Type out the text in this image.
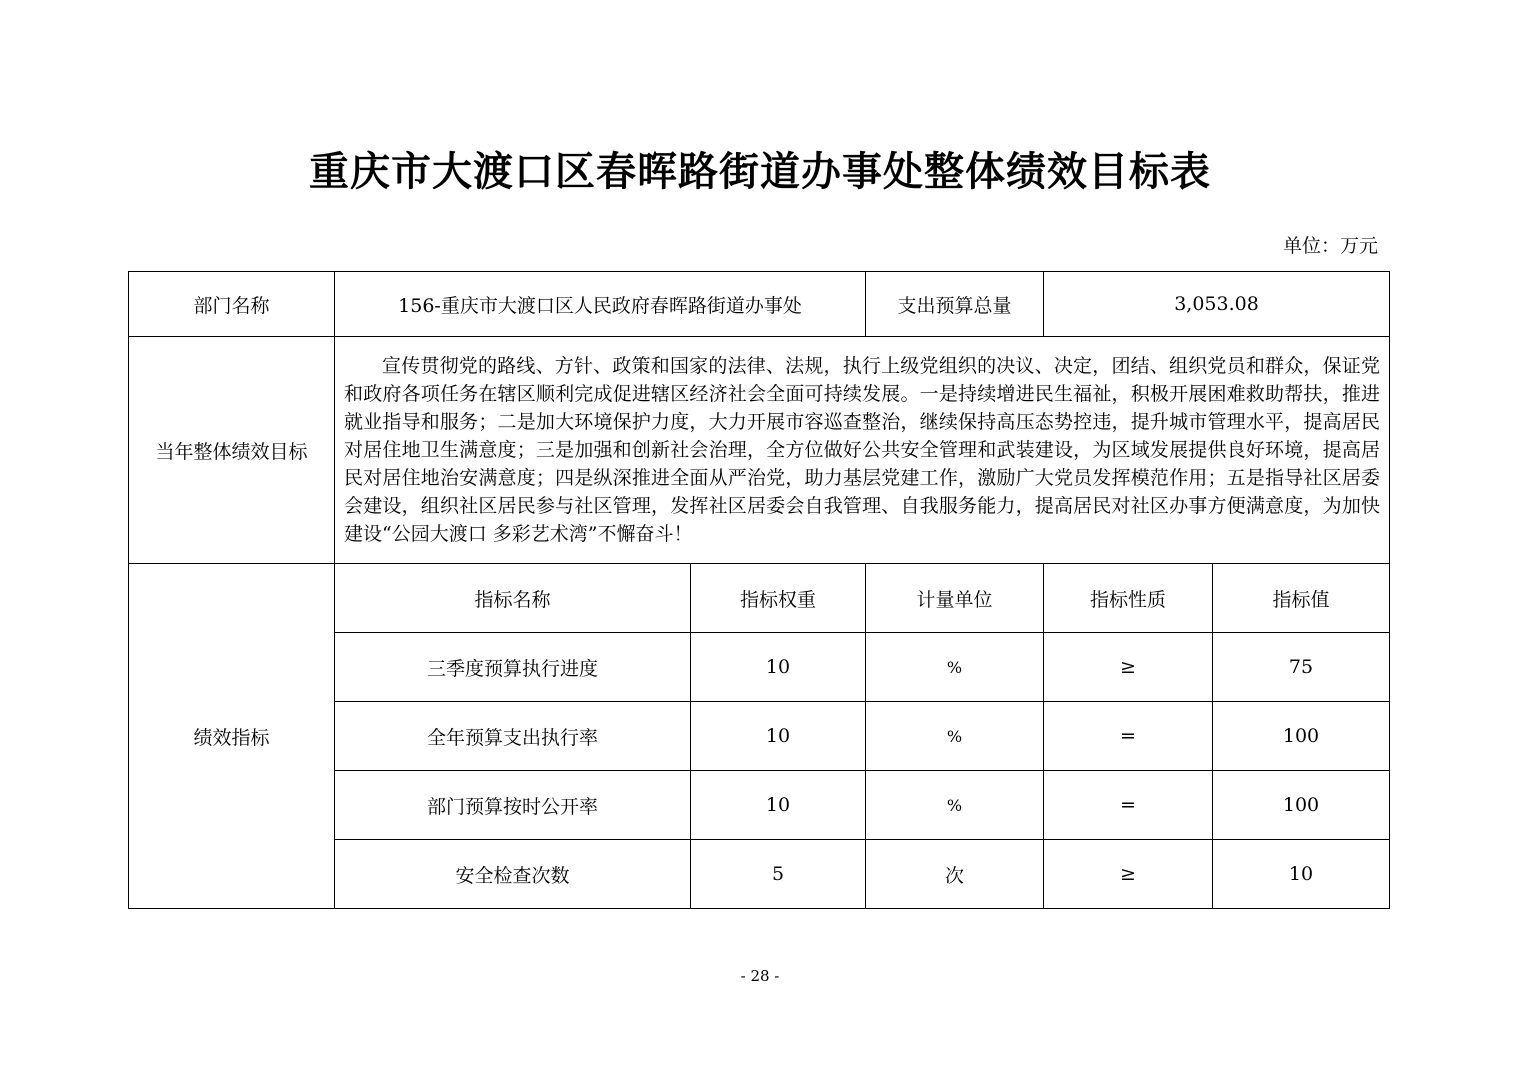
重庆市大渡口区春晖路街道办事处整体绩效目标表
单位：万元
部门名称	156-重庆市大渡口区人民政府春晖路街道办事处		支出预算总量	3,053.08	
当年整体绩效目标	宣传贯彻党的路线、方针、政策和国家的法律、法规，执行上级党组织的决议、决定，团结、组织党员和群众，保证党和政府各项任务在辖区顺利完成促进辖区经济社会全面可持续发展。一是持续增进民生福祉，积极开展困难救助帮扶，推进就业指导和服务；二是加大环境保护力度，大力开展市容巡查整治，继续保持高压态势控违，提升城市管理水平，提高居民对居住地卫生满意度；三是加强和创新社会治理，全方位做好公共安全管理和武装建设，为区域发展提供良好环境，提高居民对居住地治安满意度；四是纵深推进全面从严治党，助力基层党建工作，激励广大党员发挥模范作用；五是指导社区居委会建设，组织社区居民参与社区管理，发挥社区居委会自我管理、自我服务能力，提高居民对社区办事方便满意度，为加快建设“公园大渡口 多彩艺术湾”不懈奋斗！				
绩效指标	指标名称	指标权重	计量单位	指标性质	指标值
	三季度预算执行进度	10	%	≥	75
	全年预算支出执行率	10	%	=	100
	部门预算按时公开率	10	%	=	100
	安全检查次数	5	次	≥	10
- 28 -
